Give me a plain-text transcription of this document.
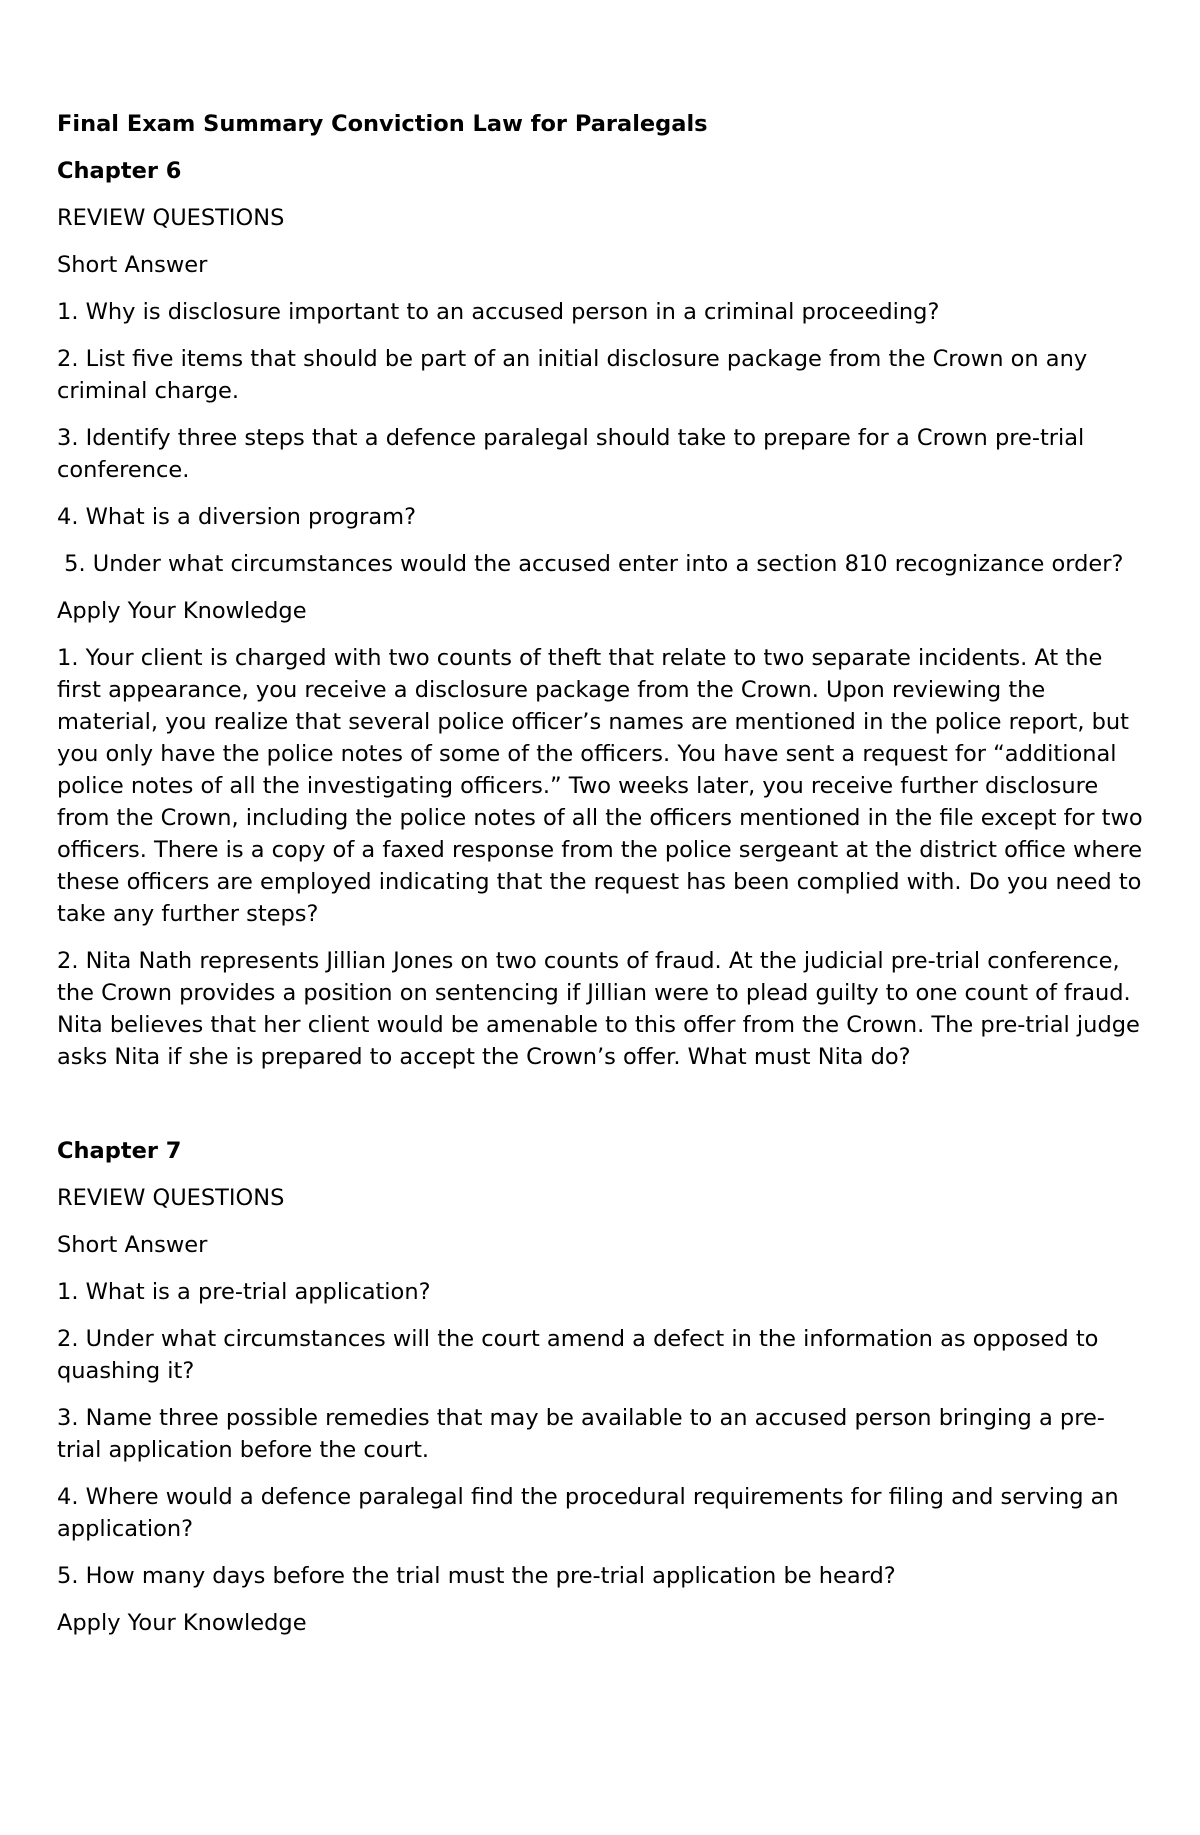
Final Exam Summary Conviction Law for Paralegals

Chapter 6

REVIEW QUESTIONS

Short Answer

1. Why is disclosure important to an accused person in a criminal proceeding?

2. List five items that should be part of an initial disclosure package from the Crown on any criminal charge.

3. Identify three steps that a defence paralegal should take to prepare for a Crown pre-trial conference.

4. What is a diversion program?

5. Under what circumstances would the accused enter into a section 810 recognizance order?

Apply Your Knowledge

1. Your client is charged with two counts of theft that relate to two separate incidents. At the first appearance, you receive a disclosure package from the Crown. Upon reviewing the material, you realize that several police officer’s names are mentioned in the police report, but you only have the police notes of some of the officers. You have sent a request for “additional police notes of all the investigating officers.” Two weeks later, you receive further disclosure from the Crown, including the police notes of all the officers mentioned in the file except for two officers. There is a copy of a faxed response from the police sergeant at the district office where these officers are employed indicating that the request has been complied with. Do you need to take any further steps?

2. Nita Nath represents Jillian Jones on two counts of fraud. At the judicial pre-trial conference, the Crown provides a position on sentencing if Jillian were to plead guilty to one count of fraud. Nita believes that her client would be amenable to this offer from the Crown. The pre-trial judge asks Nita if she is prepared to accept the Crown’s offer. What must Nita do?

Chapter 7

REVIEW QUESTIONS

Short Answer

1. What is a pre-trial application?

2. Under what circumstances will the court amend a defect in the information as opposed to quashing it?

3. Name three possible remedies that may be available to an accused person bringing a pre-trial application before the court.

4. Where would a defence paralegal find the procedural requirements for filing and serving an application?

5. How many days before the trial must the pre-trial application be heard?

Apply Your Knowledge
